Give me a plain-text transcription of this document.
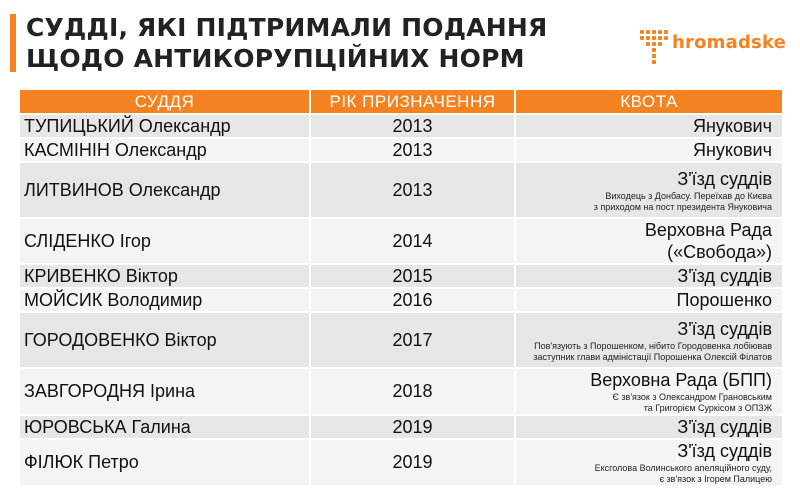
СУДДІ, ЯКІ ПІДТРИМАЛИ ПОДАННЯ
ЩОДО АНТИКОРУПЦІЙНИХ НОРМ
hromadske
СУДДЯ	РІК ПРИЗНАЧЕННЯ	КВОТА
ТУПИЦЬКИЙ Олександр	2013	Янукович

КАСМІНІН Олександр	2013	Янукович

ЛИТВИНОВ Олександр	2013	З'їзд суддів
Виходець з Донбасу. Переїхав до Києва
з приходом на пост президента Януковича

СЛІДЕНКО Ігор	2014	Верховна Рада
(«Свобода»)

КРИВЕНКО Віктор	2015	З'їзд суддів

МОЙСИК Володимир	2016	Порошенко

ГОРОДОВЕНКО Віктор	2017	З'їзд суддів
Пов'язують з Порошенком, нібито Городовенка лобіював
заступник глави адміністації Порошенка Олексій Філатов

ЗАВГОРОДНЯ Ірина	2018	Верховна Рада (БПП)
Є зв'язок з Олександром Грановським
та Григорієм Суркісом з ОПЗЖ

ЮРОВСЬКА Галина	2019	З'їзд суддів

ФІЛЮК Петро	2019	З'їзд суддів
Ексголова Волинського апеляційного суду,
є зв'язок з Ігорем Палицею
